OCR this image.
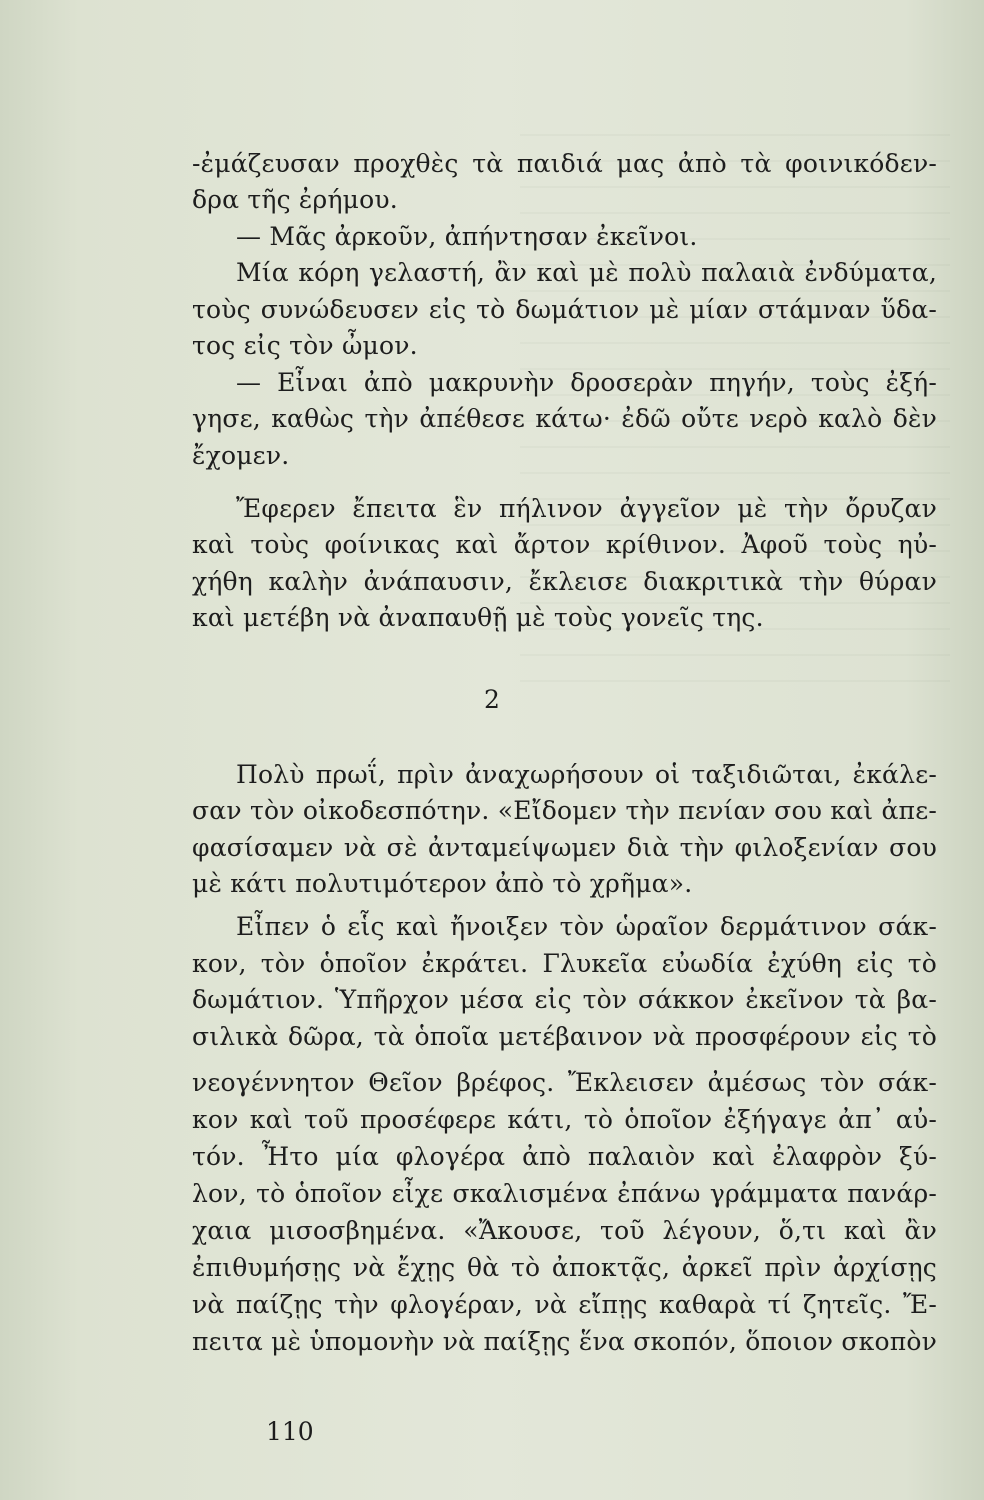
-ἐμάζευσαν προχθὲς τὰ παιδιά μας ἀπὸ τὰ φοινικόδεν-

δρα τῆς ἐρήμου.

— Μᾶς ἀρκοῦν, ἀπήντησαν ἐκεῖνοι.

Μία κόρη γελαστή, ἂν καὶ μὲ πολὺ παλαιὰ ἐνδύματα,

τοὺς συνώδευσεν εἰς τὸ δωμάτιον μὲ μίαν στάμναν ὕδα-

τος εἰς τὸν ὦμον.

— Εἶναι ἀπὸ μακρυνὴν δροσερὰν πηγήν, τοὺς ἐξή-

γησε, καθὼς τὴν ἀπέθεσε κάτω· ἐδῶ οὔτε νερὸ καλὸ δὲν

ἔχομεν.

Ἔφερεν ἔπειτα ἓν πήλινον ἀγγεῖον μὲ τὴν ὄρυζαν

καὶ τοὺς φοίνικας καὶ ἄρτον κρίθινον. Ἀφοῦ τοὺς ηὐ-

χήθη καλὴν ἀνάπαυσιν, ἔκλεισε διακριτικὰ τὴν θύραν

καὶ μετέβη νὰ ἀναπαυθῇ μὲ τοὺς γονεῖς της.

2

Πολὺ πρωΐ, πρὶν ἀναχωρήσουν οἱ ταξιδιῶται, ἐκάλε-

σαν τὸν οἰκοδεσπότην. «Εἴδομεν τὴν πενίαν σου καὶ ἀπε-

φασίσαμεν νὰ σὲ ἀνταμείψωμεν διὰ τὴν φιλοξενίαν σου

μὲ κάτι πολυτιμότερον ἀπὸ τὸ χρῆμα».

Εἶπεν ὁ εἷς καὶ ἤνοιξεν τὸν ὡραῖον δερμάτινον σάκ-

κον, τὸν ὁποῖον ἐκράτει. Γλυκεῖα εὐωδία ἐχύθη εἰς τὸ

δωμάτιον. Ὑπῆρχον μέσα εἰς τὸν σάκκον ἐκεῖνον τὰ βα-

σιλικὰ δῶρα, τὰ ὁποῖα μετέβαινον νὰ προσφέρουν εἰς τὸ

νεογέννητον Θεῖον βρέφος. Ἔκλεισεν ἀμέσως τὸν σάκ-

κον καὶ τοῦ προσέφερε κάτι, τὸ ὁποῖον ἐξήγαγε ἀπ᾽ αὐ-

τόν. Ἦτο μία φλογέρα ἀπὸ παλαιὸν καὶ ἐλαφρὸν ξύ-

λον, τὸ ὁποῖον εἶχε σκαλισμένα ἐπάνω γράμματα πανάρ-

χαια μισοσβημένα. «Ἄκουσε, τοῦ λέγουν, ὅ,τι καὶ ἂν

ἐπιθυμήσῃς νὰ ἔχῃς θὰ τὸ ἀποκτᾷς, ἀρκεῖ πρὶν ἀρχίσῃς

νὰ παίζῃς τὴν φλογέραν, νὰ εἴπῃς καθαρὰ τί ζητεῖς. Ἔ-

πειτα μὲ ὑπομονὴν νὰ παίξῃς ἕνα σκοπόν, ὅποιον σκοπὸν

110
